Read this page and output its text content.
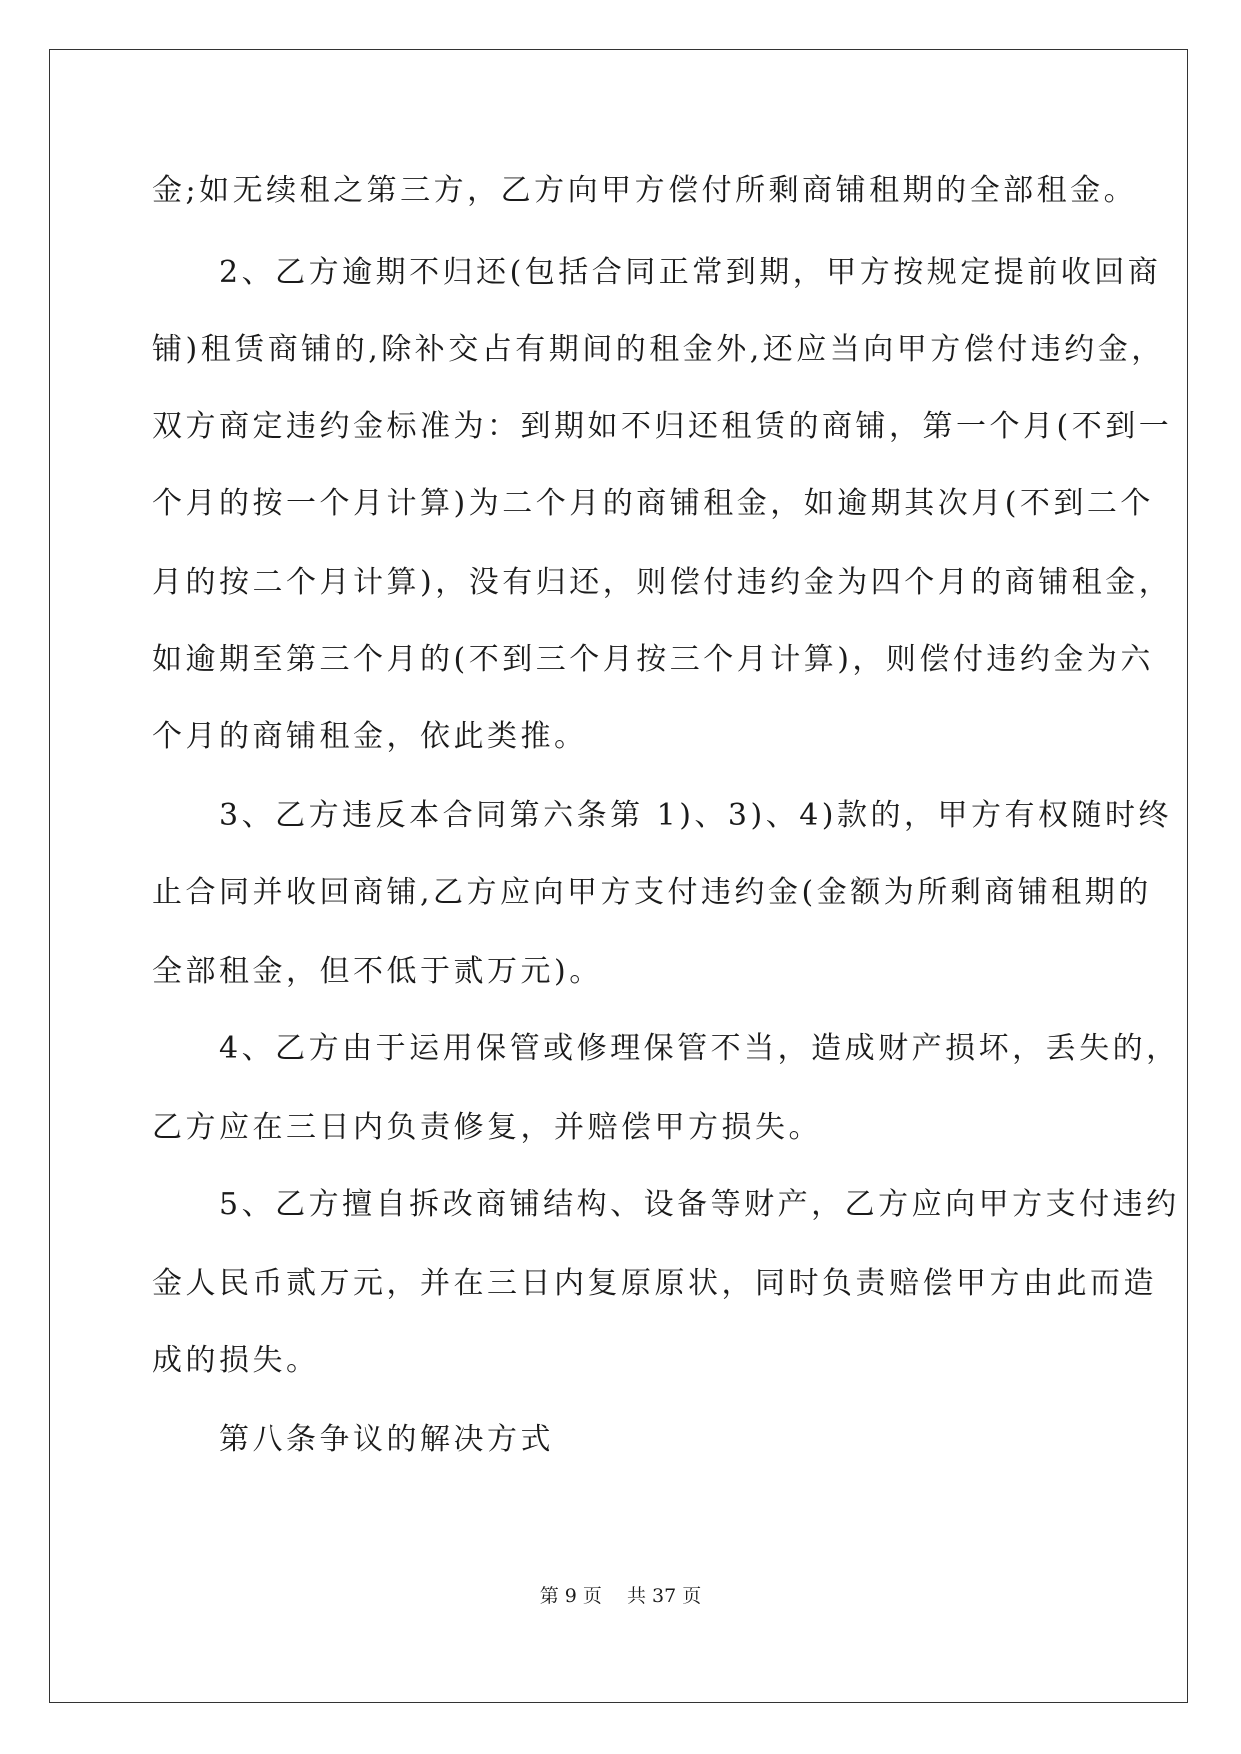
金;如无续租之第三方，乙方向甲方偿付所剩商铺租期的全部租金。
　　2、乙方逾期不归还(包括合同正常到期，甲方按规定提前收回商
铺)租赁商铺的,除补交占有期间的租金外,还应当向甲方偿付违约金，
双方商定违约金标准为：到期如不归还租赁的商铺，第一个月(不到一
个月的按一个月计算)为二个月的商铺租金，如逾期其次月(不到二个
月的按二个月计算)，没有归还，则偿付违约金为四个月的商铺租金，
如逾期至第三个月的(不到三个月按三个月计算)，则偿付违约金为六
个月的商铺租金，依此类推。
　　3、乙方违反本合同第六条第 1)、3)、4)款的，甲方有权随时终
止合同并收回商铺,乙方应向甲方支付违约金(金额为所剩商铺租期的
全部租金，但不低于贰万元)。
　　4、乙方由于运用保管或修理保管不当，造成财产损坏，丢失的，
乙方应在三日内负责修复，并赔偿甲方损失。
　　5、乙方擅自拆改商铺结构、设备等财产，乙方应向甲方支付违约
金人民币贰万元，并在三日内复原原状，同时负责赔偿甲方由此而造
成的损失。
　　第八条争议的解决方式
第 9 页　 共 37 页
